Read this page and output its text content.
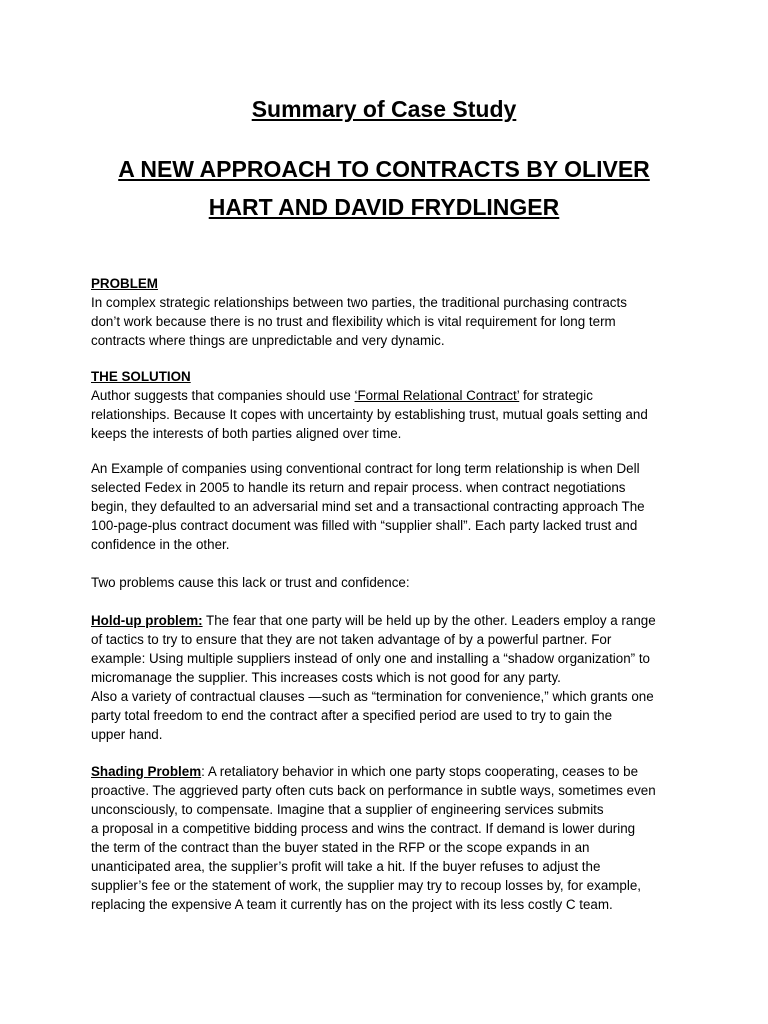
Summary of Case Study
A NEW APPROACH TO CONTRACTS BY OLIVER
HART AND DAVID FRYDLINGER
PROBLEM
In complex strategic relationships between two parties, the traditional purchasing contracts
don’t work because there is no trust and flexibility which is vital requirement for long term
contracts where things are unpredictable and very dynamic.
THE SOLUTION
Author suggests that companies should use ‘Formal Relational Contract’ for strategic
relationships. Because It copes with uncertainty by establishing trust, mutual goals setting and
keeps the interests of both parties aligned over time.
An Example of companies using conventional contract for long term relationship is when Dell
selected Fedex in 2005 to handle its return and repair process. when contract negotiations
begin, they defaulted to an adversarial mind set and a transactional contracting approach The
100-page-plus contract document was filled with “supplier shall”. Each party lacked trust and
confidence in the other.
Two problems cause this lack or trust and confidence:
Hold-up problem: The fear that one party will be held up by the other. Leaders employ a range
of tactics to try to ensure that they are not taken advantage of by a powerful partner. For
example: Using multiple suppliers instead of only one and installing a “shadow organization” to
micromanage the supplier. This increases costs which is not good for any party.
Also a variety of contractual clauses —such as “termination for convenience,” which grants one
party total freedom to end the contract after a specified period are used to try to gain the
upper hand.
Shading Problem: A retaliatory behavior in which one party stops cooperating, ceases to be
proactive. The aggrieved party often cuts back on performance in subtle ways, sometimes even
unconsciously, to compensate. Imagine that a supplier of engineering services submits
a proposal in a competitive bidding process and wins the contract. If demand is lower during
the term of the contract than the buyer stated in the RFP or the scope expands in an
unanticipated area, the supplier’s profit will take a hit. If the buyer refuses to adjust the
supplier’s fee or the statement of work, the supplier may try to recoup losses by, for example,
replacing the expensive A team it currently has on the project with its less costly C team.
